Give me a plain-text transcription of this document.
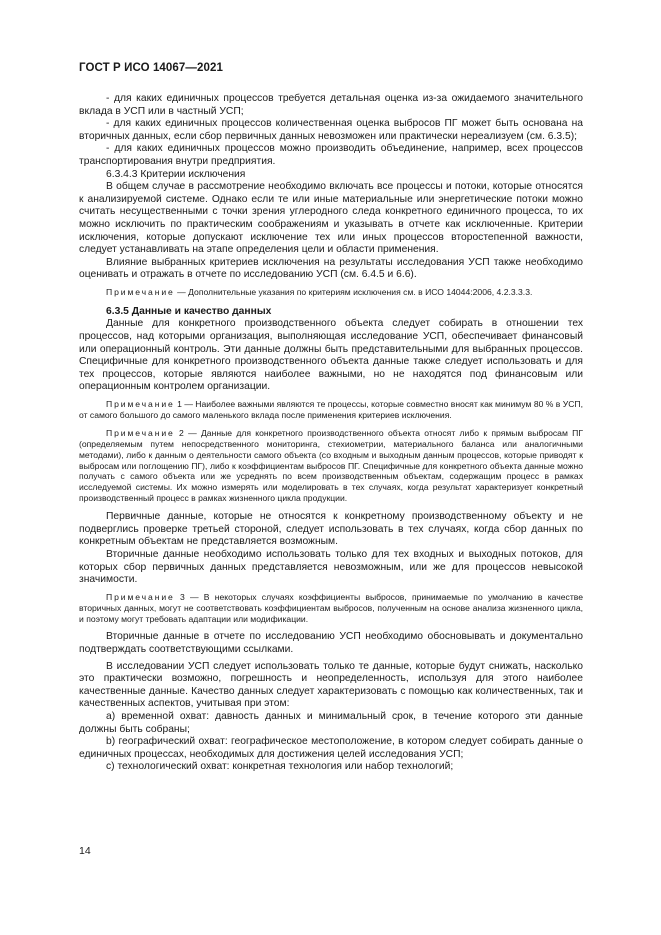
ГОСТ Р ИСО 14067—2021

- для каких единичных процессов требуется детальная оценка из-за ожидаемого значительного вклада в УСП или в частный УСП;

- для каких единичных процессов количественная оценка выбросов ПГ может быть основана на вторичных данных, если сбор первичных данных невозможен или практически нереализуем (см. 6.3.5);

- для каких единичных процессов можно производить объединение, например, всех процессов транспортирования внутри предприятия.

6.3.4.3 Критерии исключения

В общем случае в рассмотрение необходимо включать все процессы и потоки, которые относятся к анализируемой системе. Однако если те или иные материальные или энергетические потоки можно считать несущественными с точки зрения углеродного следа конкретного единичного процесса, то их можно исключить по практическим соображениям и указывать в отчете как исключенные. Критерии исключения, которые допускают исключение тех или иных процессов второстепенной важности, следует устанавливать на этапе определения цели и области применения.

Влияние выбранных критериев исключения на результаты исследования УСП также необходимо оценивать и отражать в отчете по исследованию УСП (см. 6.4.5 и 6.6).

Примечание — Дополнительные указания по критериям исключения см. в ИСО 14044:2006, 4.2.3.3.3.

6.3.5 Данные и качество данных

Данные для конкретного производственного объекта следует собирать в отношении тех процессов, над которыми организация, выполняющая исследование УСП, обеспечивает финансовый или операционный контроль. Эти данные должны быть представительными для выбранных процессов. Специфичные для конкретного производственного объекта данные также следует использовать и для тех процессов, которые являются наиболее важными, но не находятся под финансовым или операционным контролем организации.

Примечание 1 — Наиболее важными являются те процессы, которые совместно вносят как минимум 80 % в УСП, от самого большого до самого маленького вклада после применения критериев исключения.

Примечание 2 — Данные для конкретного производственного объекта относят либо к прямым выбросам ПГ (определяемым путем непосредственного мониторинга, стехиометрии, материального баланса или аналогичными методами), либо к данным о деятельности самого объекта (со входным и выходным данным процессов, которые приводят к выбросам или поглощению ПГ), либо к коэффициентам выбросов ПГ. Специфичные для конкретного объекта данные можно получать с самого объекта или же усреднять по всем производственным объектам, содержащим процесс в рамках исследуемой системы. Их можно измерять или моделировать в тех случаях, когда результат характеризует конкретный производственный процесс в рамках жизненного цикла продукции.

Первичные данные, которые не относятся к конкретному производственному объекту и не подверглись проверке третьей стороной, следует использовать в тех случаях, когда сбор данных по конкретным объектам не представляется возможным.

Вторичные данные необходимо использовать только для тех входных и выходных потоков, для которых сбор первичных данных представляется невозможным, или же для процессов невысокой значимости.

Примечание 3 — В некоторых случаях коэффициенты выбросов, принимаемые по умолчанию в качестве вторичных данных, могут не соответствовать коэффициентам выбросов, полученным на основе анализа жизненного цикла, и поэтому могут требовать адаптации или модификации.

Вторичные данные в отчете по исследованию УСП необходимо обосновывать и документально подтверждать соответствующими ссылками.

В исследовании УСП следует использовать только те данные, которые будут снижать, насколько это практически возможно, погрешность и неопределенность, используя для этого наиболее качественные данные. Качество данных следует характеризовать с помощью как количественных, так и качественных аспектов, учитывая при этом:

a) временной охват: давность данных и минимальный срок, в течение которого эти данные должны быть собраны;

b) географический охват: географическое местоположение, в котором следует собирать данные о единичных процессах, необходимых для достижения целей исследования УСП;

c) технологический охват: конкретная технология или набор технологий;

14
